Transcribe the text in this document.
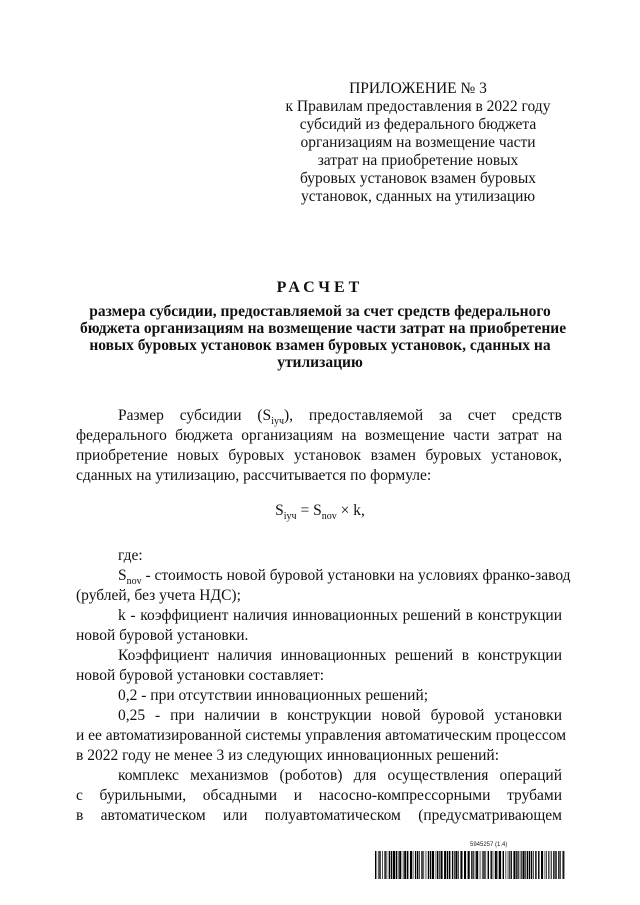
ПРИЛОЖЕНИЕ № 3
к Правилам предоставления в 2022 году
субсидий из федерального бюджета
организациям на возмещение части
затрат на приобретение новых
буровых установок взамен буровых
установок, сданных на утилизацию
РАСЧЕТ
размера субсидии, предоставляемой за счет средств федерального
бюджета организациям на возмещение части затрат на приобретение
новых буровых установок взамен буровых установок, сданных на
утилизацию
Размер субсидии $(S_{iуч})$, предоставляемой за счет средств
федерального бюджета организациям на возмещение части затрат на
приобретение новых буровых установок взамен буровых установок,
сданных на утилизацию, рассчитывается по формуле:
$S_{iуч} = S_{nov} \times k$,
где:
$S_{nov}$ - стоимость новой буровой установки на условиях франко-завод
(рублей, без учета НДС);
k - коэффициент наличия инновационных решений в конструкции
новой буровой установки.
Коэффициент наличия инновационных решений в конструкции
новой буровой установки составляет:
0,2 - при отсутствии инновационных решений;
0,25 - при наличии в конструкции новой буровой установки
и ее автоматизированной системы управления автоматическим процессом
в 2022 году не менее 3 из следующих инновационных решений:
комплекс механизмов (роботов) для осуществления операций
с бурильными, обсадными и насосно-компрессорными трубами
в автоматическом или полуавтоматическом (предусматривающем
5945257 (1.4)
